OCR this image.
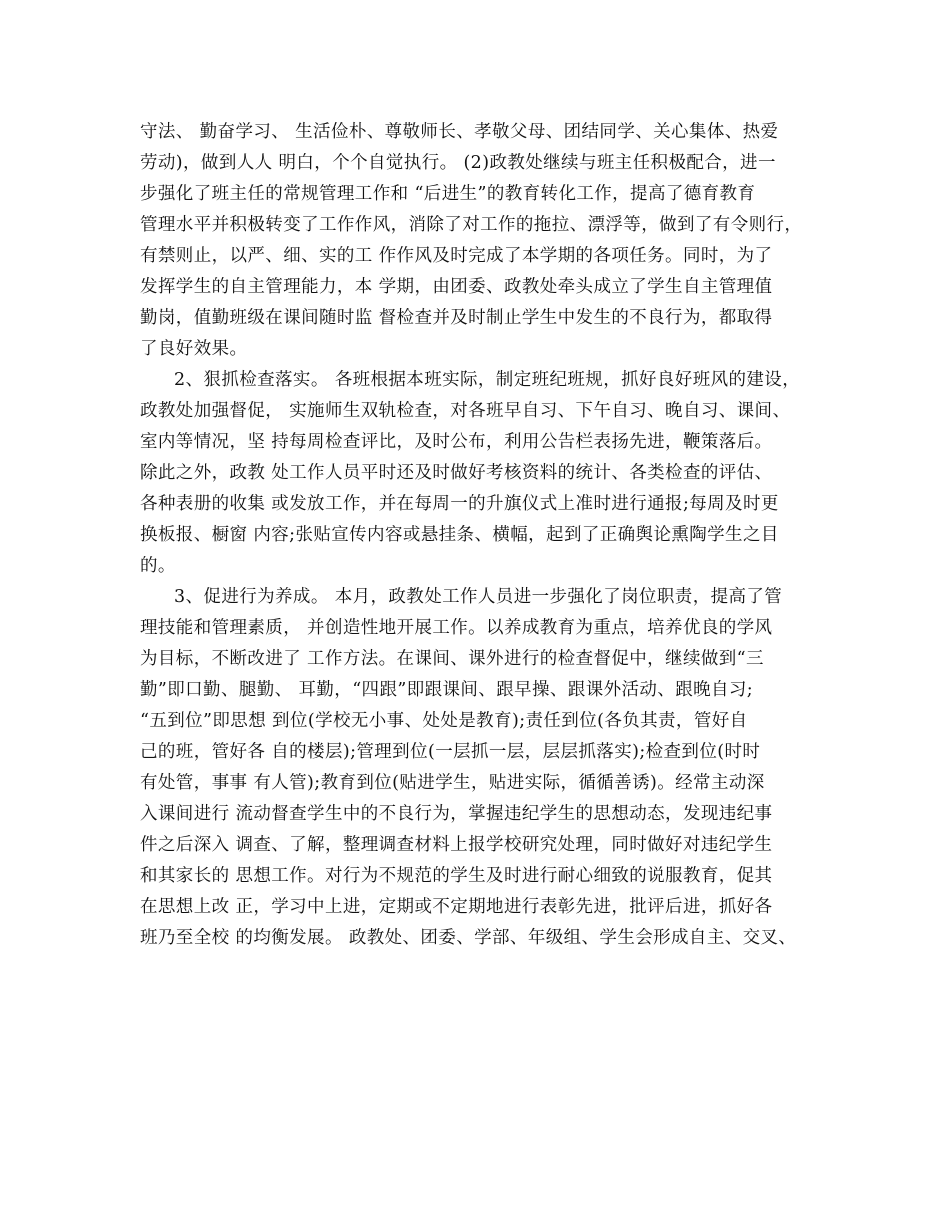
守法、 勤奋学习、 生活俭朴、尊敬师长、孝敬父母、团结同学、关心集体、热爱
劳动)，做到人人 明白，个个自觉执行。 (2)政教处继续与班主任积极配合，进一
步强化了班主任的常规管理工作和 “后进生”的教育转化工作，提高了德育教育
管理水平并积极转变了工作作风，消除了对工作的拖拉、漂浮等，做到了有令则行，
有禁则止，以严、细、实的工 作作风及时完成了本学期的各项任务。同时，为了
发挥学生的自主管理能力，本 学期，由团委、政教处牵头成立了学生自主管理值
勤岗，值勤班级在课间随时监 督检查并及时制止学生中发生的不良行为，都取得
了良好效果。
2、狠抓检查落实。 各班根据本班实际，制定班纪班规，抓好良好班风的建设，
政教处加强督促， 实施师生双轨检查，对各班早自习、下午自习、晚自习、课间、
室内等情况，坚 持每周检查评比，及时公布，利用公告栏表扬先进，鞭策落后。
除此之外，政教 处工作人员平时还及时做好考核资料的统计、各类检查的评估、
各种表册的收集 或发放工作，并在每周一的升旗仪式上准时进行通报;每周及时更
换板报、橱窗 内容;张贴宣传内容或悬挂条、横幅，起到了正确舆论熏陶学生之目
的。
3、促进行为养成。 本月，政教处工作人员进一步强化了岗位职责，提高了管
理技能和管理素质， 并创造性地开展工作。以养成教育为重点，培养优良的学风
为目标，不断改进了 工作方法。在课间、课外进行的检查督促中，继续做到“三
勤”即口勤、腿勤、 耳勤，“四跟”即跟课间、跟早操、跟课外活动、跟晚自习;
“五到位”即思想 到位(学校无小事、处处是教育);责任到位(各负其责，管好自
己的班，管好各 自的楼层);管理到位(一层抓一层，层层抓落实);检查到位(时时
有处管，事事 有人管);教育到位(贴进学生，贴进实际，循循善诱)。经常主动深
入课间进行 流动督查学生中的不良行为，掌握违纪学生的思想动态，发现违纪事
件之后深入 调查、了解，整理调查材料上报学校研究处理，同时做好对违纪学生
和其家长的 思想工作。对行为不规范的学生及时进行耐心细致的说服教育，促其
在思想上改 正，学习中上进，定期或不定期地进行表彰先进，批评后进，抓好各
班乃至全校 的均衡发展。 政教处、团委、学部、年级组、学生会形成自主、交叉、
